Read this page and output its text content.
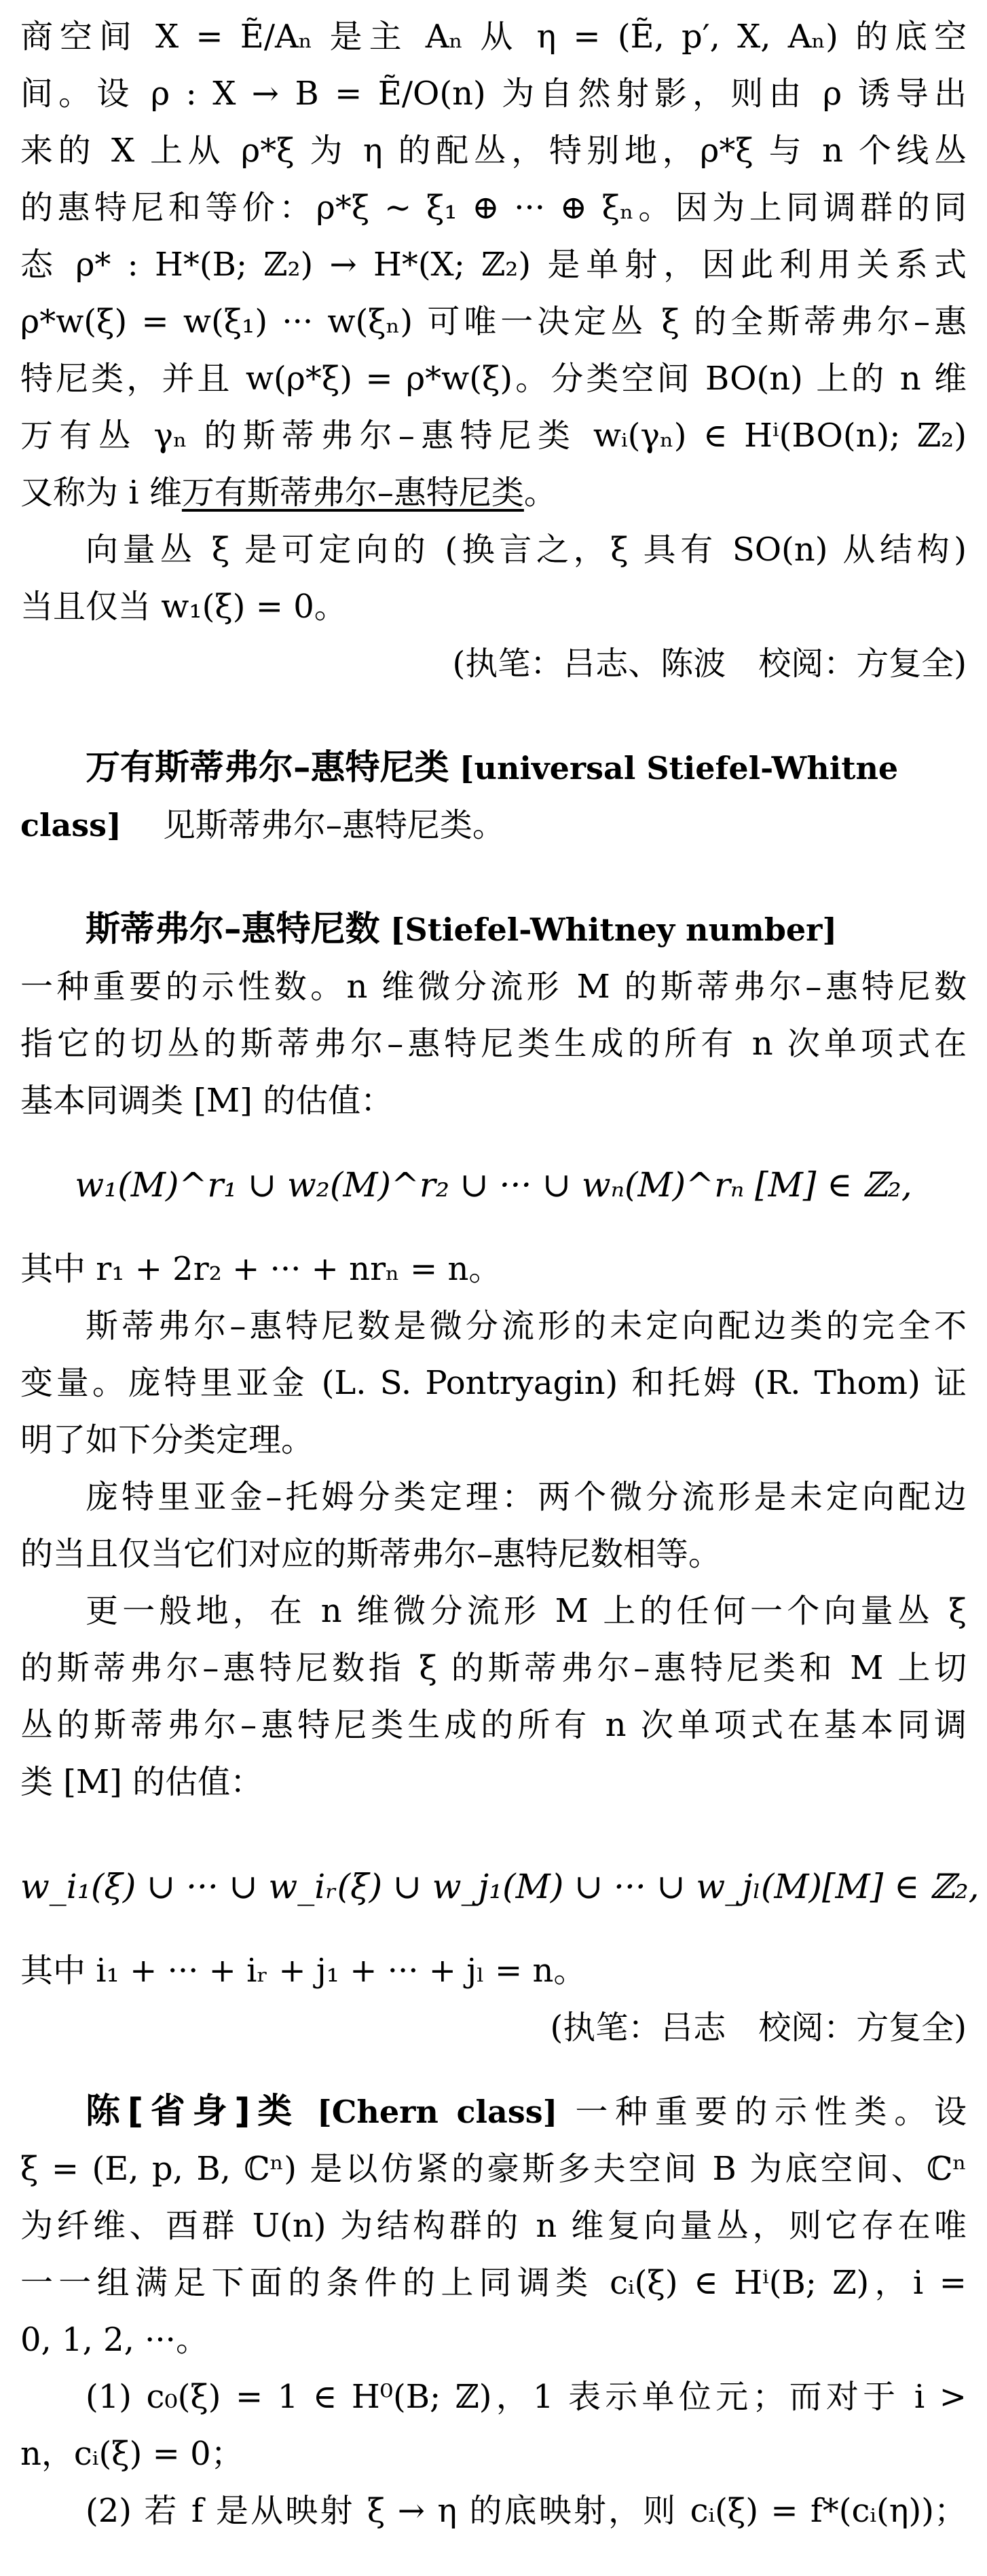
商空间 X = Ẽ/Aₙ 是主 Aₙ 从 η = (Ẽ, p′, X, Aₙ) 的底空
间。设 ρ : X → B = Ẽ/O(n) 为自然射影，则由 ρ 诱导出
来的 X 上从 ρ*ξ 为 η 的配丛，特别地，ρ*ξ 与 n 个线丛
的惠特尼和等价：ρ*ξ ∼ ξ₁ ⊕ ··· ⊕ ξₙ。因为上同调群的同
态 ρ* : H*(B; ℤ₂) → H*(X; ℤ₂) 是单射，因此利用关系式
ρ*w(ξ) = w(ξ₁) ··· w(ξₙ) 可唯一决定丛 ξ 的全斯蒂弗尔–惠
特尼类，并且 w(ρ*ξ) = ρ*w(ξ)。分类空间 BO(n) 上的 n 维
万有丛 γₙ 的斯蒂弗尔–惠特尼类 wᵢ(γₙ) ∈ Hⁱ(BO(n); ℤ₂)
又称为 i 维万有斯蒂弗尔–惠特尼类。
向量丛 ξ 是可定向的 (换言之，ξ 具有 SO(n) 从结构)
当且仅当 w₁(ξ) = 0。
(执笔：吕志、陈波　校阅：方复全)
万有斯蒂弗尔–惠特尼类 [universal Stiefel-Whitne
class] 见斯蒂弗尔–惠特尼类。
斯蒂弗尔–惠特尼数 [Stiefel-Whitney number]
一种重要的示性数。n 维微分流形 M 的斯蒂弗尔–惠特尼数
指它的切丛的斯蒂弗尔–惠特尼类生成的所有 n 次单项式在
基本同调类 [M] 的估值：
w₁(M)^r₁ ∪ w₂(M)^r₂ ∪ ··· ∪ wₙ(M)^rₙ [M] ∈ ℤ₂,
其中 r₁ + 2r₂ + ··· + nrₙ = n。
斯蒂弗尔–惠特尼数是微分流形的未定向配边类的完全不
变量。庞特里亚金 (L. S. Pontryagin) 和托姆 (R. Thom) 证
明了如下分类定理。
庞特里亚金–托姆分类定理：两个微分流形是未定向配边
的当且仅当它们对应的斯蒂弗尔–惠特尼数相等。
更一般地，在 n 维微分流形 M 上的任何一个向量丛 ξ
的斯蒂弗尔–惠特尼数指 ξ 的斯蒂弗尔–惠特尼类和 M 上切
丛的斯蒂弗尔–惠特尼类生成的所有 n 次单项式在基本同调
类 [M] 的估值：
w_i₁(ξ) ∪ ··· ∪ w_iᵣ(ξ) ∪ w_j₁(M) ∪ ··· ∪ w_jₗ(M)[M] ∈ ℤ₂,
其中 i₁ + ··· + iᵣ + j₁ + ··· + jₗ = n。
(执笔：吕志　校阅：方复全)
陈[省身]类 [Chern class] 一种重要的示性类。设
ξ = (E, p, B, ℂⁿ) 是以仿紧的豪斯多夫空间 B 为底空间、ℂⁿ
为纤维、酉群 U(n) 为结构群的 n 维复向量丛，则它存在唯
一一组满足下面的条件的上同调类 cᵢ(ξ) ∈ Hⁱ(B; ℤ)，i =
0, 1, 2, ···。
(1) c₀(ξ) = 1 ∈ H⁰(B; ℤ)，1 表示单位元；而对于 i >
n，cᵢ(ξ) = 0；
(2) 若 f 是从映射 ξ → η 的底映射，则 cᵢ(ξ) = f*(cᵢ(η))；
